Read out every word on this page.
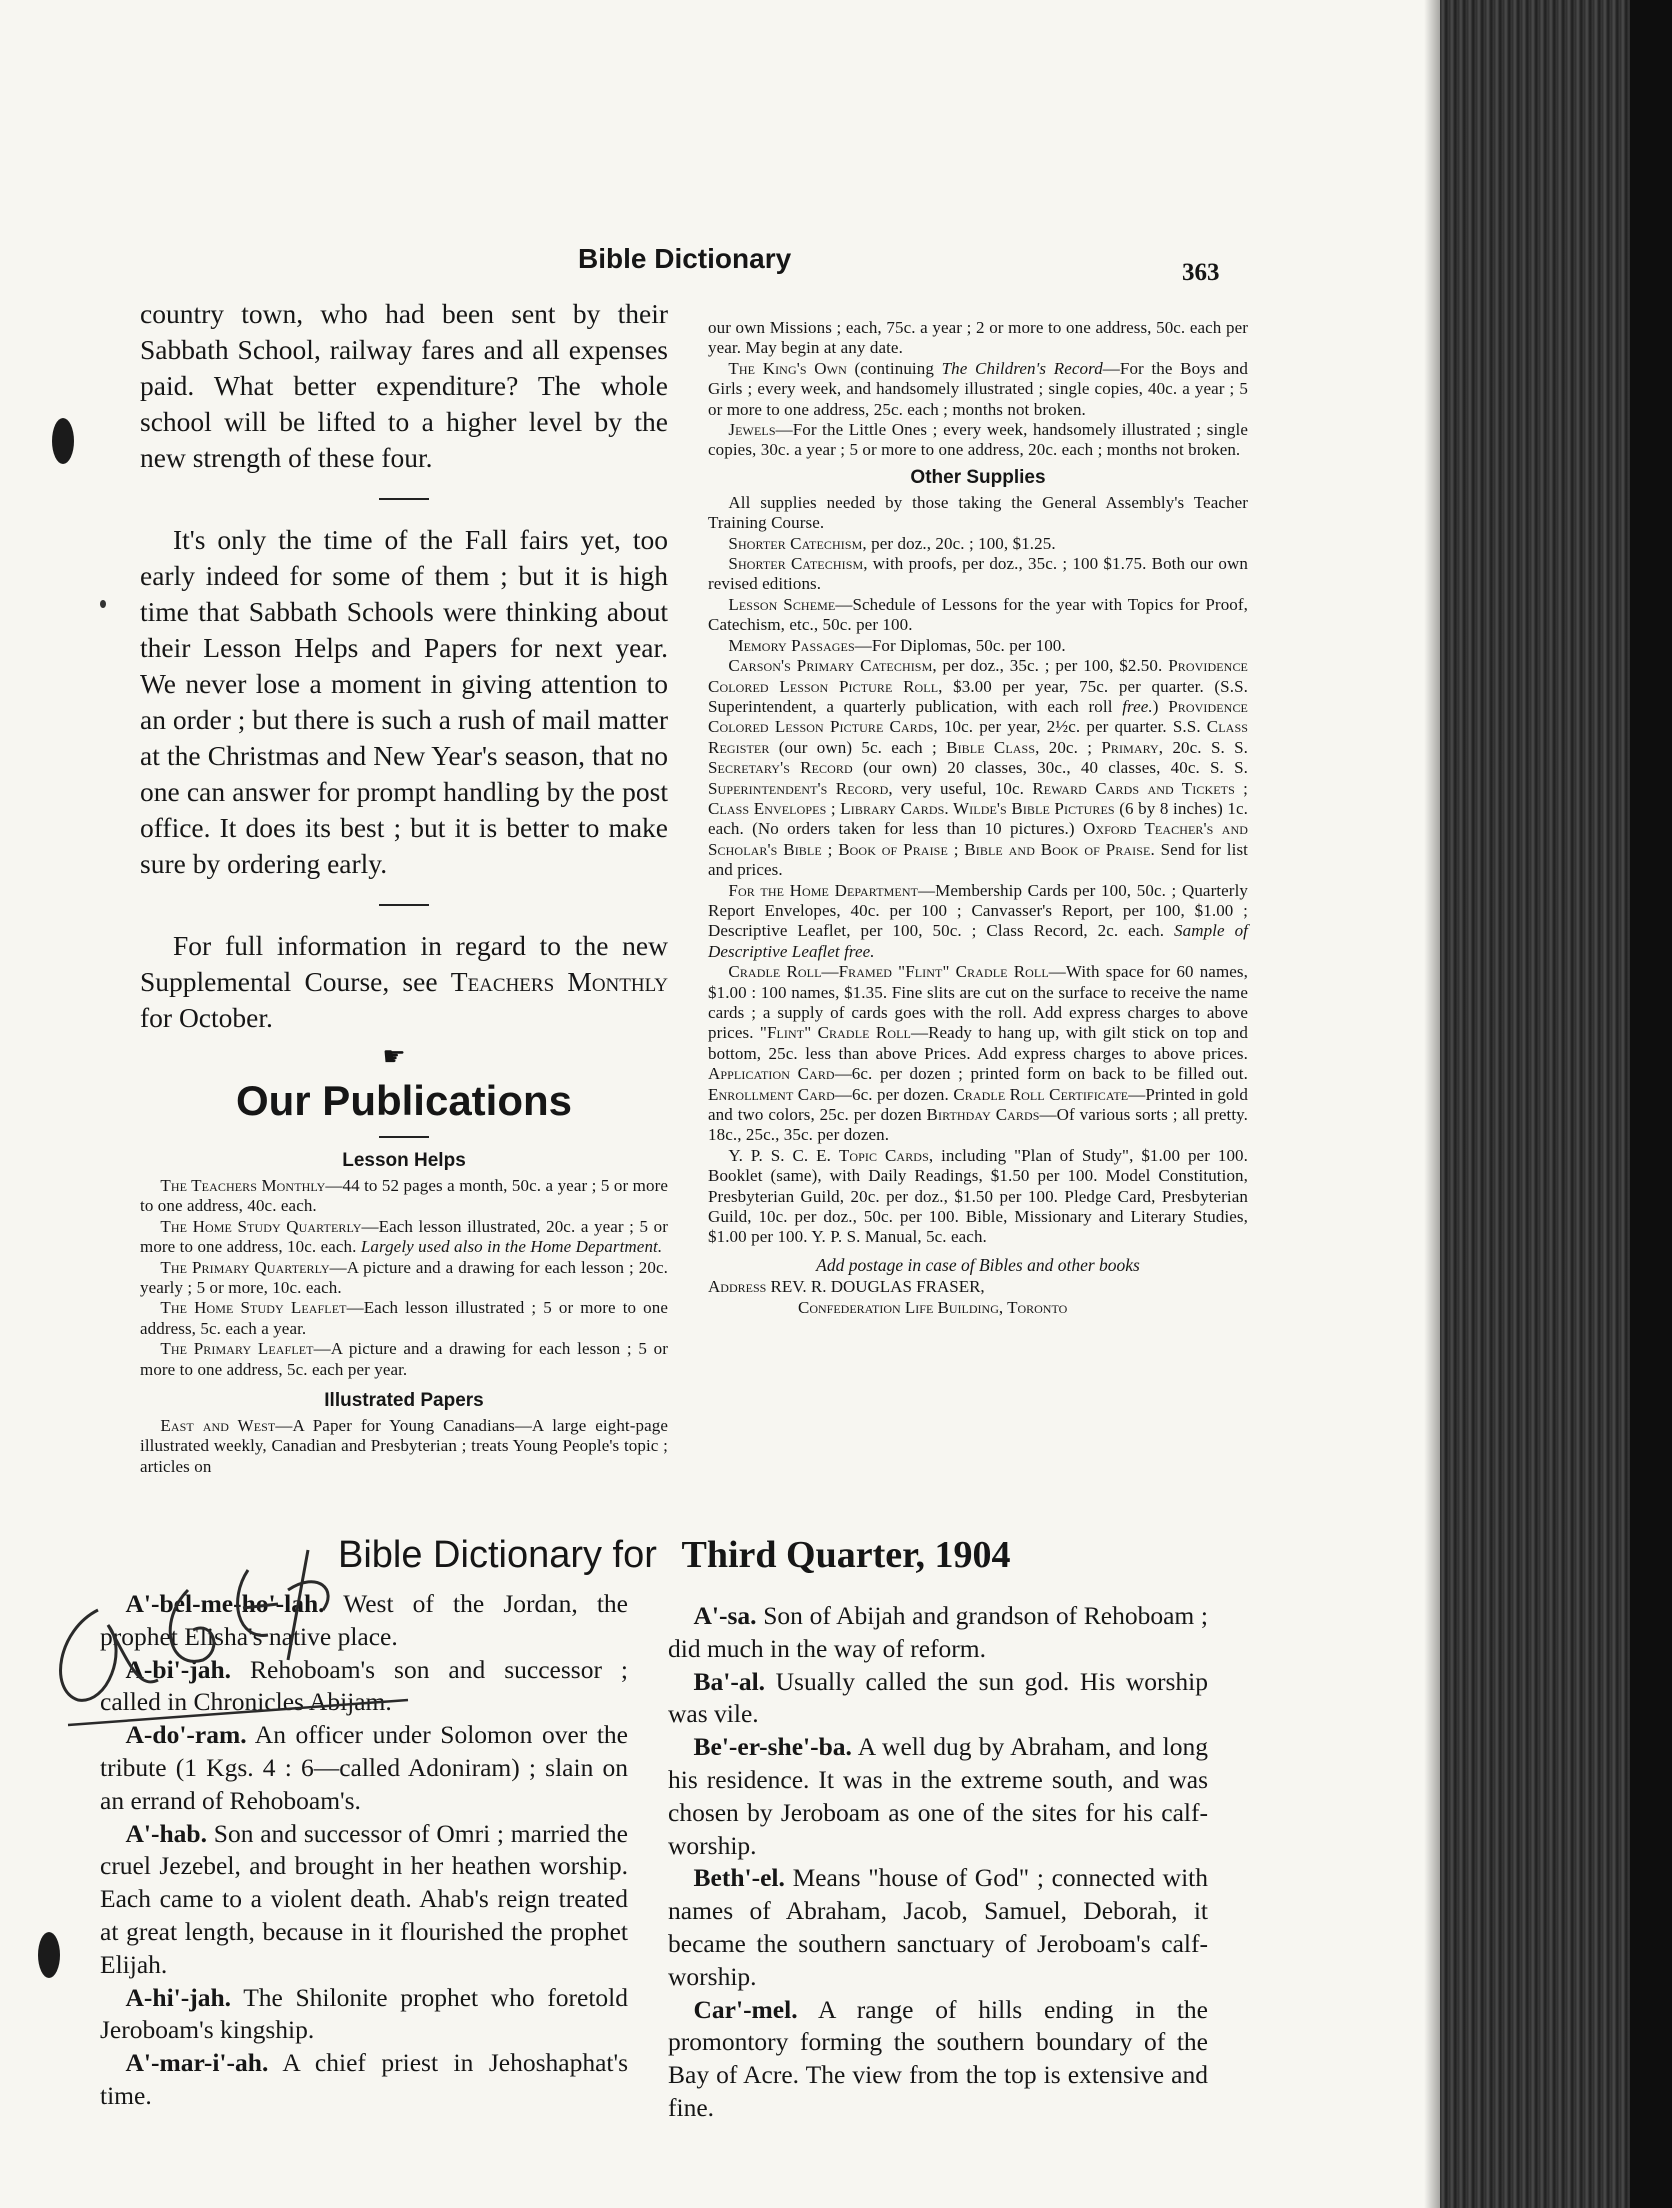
Bible Dictionary	363

country town, who had been sent by their Sabbath School, railway fares and all expenses paid. What better expenditure? The whole school will be lifted to a higher level by the new strength of these four.

It's only the time of the Fall fairs yet, too early indeed for some of them ; but it is high time that Sabbath Schools were thinking about their Lesson Helps and Papers for next year. We never lose a moment in giving attention to an order ; but there is such a rush of mail matter at the Christmas and New Year's season, that no one can answer for prompt handling by the post office. It does its best ; but it is better to make sure by ordering early.

For full information in regard to the new Supplemental Course, see Teachers Monthly for October.

☛
Our Publications
Lesson Helps

The Teachers Monthly—44 to 52 pages a month, 50c. a year ; 5 or more to one address, 40c. each.

The Home Study Quarterly—Each lesson illustrated, 20c. a year ; 5 or more to one address, 10c. each. Largely used also in the Home Department.

The Primary Quarterly—A picture and a drawing for each lesson ; 20c. yearly ; 5 or more, 10c. each.

The Home Study Leaflet—Each lesson illustrated ; 5 or more to one address, 5c. each a year.

The Primary Leaflet—A picture and a drawing for each lesson ; 5 or more to one address, 5c. each per year.

Illustrated Papers

East and West—A Paper for Young Canadians—A large eight-page illustrated weekly, Canadian and Presbyterian ; treats Young People's topic ; articles on

our own Missions ; each, 75c. a year ; 2 or more to one address, 50c. each per year. May begin at any date.

The King's Own (continuing The Children's Record—For the Boys and Girls ; every week, and handsomely illustrated ; single copies, 40c. a year ; 5 or more to one address, 25c. each ; months not broken.

Jewels—For the Little Ones ; every week, handsomely illustrated ; single copies, 30c. a year ; 5 or more to one address, 20c. each ; months not broken.

Other Supplies

All supplies needed by those taking the General Assembly's Teacher Training Course.

Shorter Catechism, per doz., 20c. ; 100, $1.25.

Shorter Catechism, with proofs, per doz., 35c. ; 100 $1.75. Both our own revised editions.

Lesson Scheme—Schedule of Lessons for the year with Topics for Proof, Catechism, etc., 50c. per 100.

Memory Passages—For Diplomas, 50c. per 100.

Carson's Primary Catechism, per doz., 35c. ; per 100, $2.50. Providence Colored Lesson Picture Roll, $3.00 per year, 75c. per quarter. (S.S. Superintendent, a quarterly publication, with each roll free.) Providence Colored Lesson Picture Cards, 10c. per year, 2½c. per quarter. S.S. Class Register (our own) 5c. each ; Bible Class, 20c. ; Primary, 20c. S. S. Secretary's Record (our own) 20 classes, 30c., 40 classes, 40c. S. S. Superintendent's Record, very useful, 10c. Reward Cards and Tickets ; Class Envelopes ; Library Cards. Wilde's Bible Pictures (6 by 8 inches) 1c. each. (No orders taken for less than 10 pictures.) Oxford Teacher's and Scholar's Bible ; Book of Praise ; Bible and Book of Praise. Send for list and prices.

For the Home Department—Membership Cards per 100, 50c. ; Quarterly Report Envelopes, 40c. per 100 ; Canvasser's Report, per 100, $1.00 ; Descriptive Leaflet, per 100, 50c. ; Class Record, 2c. each. Sample of Descriptive Leaflet free.

Cradle Roll—Framed "Flint" Cradle Roll—With space for 60 names, $1.00 : 100 names, $1.35. Fine slits are cut on the surface to receive the name cards ; a supply of cards goes with the roll. Add express charges to above prices. "Flint" Cradle Roll—Ready to hang up, with gilt stick on top and bottom, 25c. less than above Prices. Add express charges to above prices. Application Card—6c. per dozen ; printed form on back to be filled out. Enrollment Card—6c. per dozen. Cradle Roll Certificate—Printed in gold and two colors, 25c. per dozen Birthday Cards—Of various sorts ; all pretty. 18c., 25c., 35c. per dozen.

Y. P. S. C. E. Topic Cards, including "Plan of Study", $1.00 per 100. Booklet (same), with Daily Readings, $1.50 per 100. Model Constitution, Presbyterian Guild, 20c. per doz., $1.50 per 100. Pledge Card, Presbyterian Guild, 10c. per doz., 50c. per 100. Bible, Missionary and Literary Studies, $1.00 per 100. Y. P. S. Manual, 5c. each.

Add postage in case of Bibles and other books

Address REV. R. DOUGLAS FRASER,

Confederation Life Building, Toronto

Bible Dictionary for Third Quarter, 1904

A'-bel-me-ho'-lah. West of the Jordan, the prophet Elisha's native place.

A-bi'-jah. Rehoboam's son and successor ; called in Chronicles Abijam.

A-do'-ram. An officer under Solomon over the tribute (1 Kgs. 4 : 6—called Adoniram) ; slain on an errand of Rehoboam's.

A'-hab. Son and successor of Omri ; married the cruel Jezebel, and brought in her heathen worship. Each came to a violent death. Ahab's reign treated at great length, because in it flourished the prophet Elijah.

A-hi'-jah. The Shilonite prophet who foretold Jeroboam's kingship.

A'-mar-i'-ah. A chief priest in Jehoshaphat's time.

A'-sa. Son of Abijah and grandson of Rehoboam ; did much in the way of reform.

Ba'-al. Usually called the sun god. His worship was vile.

Be'-er-she'-ba. A well dug by Abraham, and long his residence. It was in the extreme south, and was chosen by Jeroboam as one of the sites for his calf-worship.

Beth'-el. Means "house of God" ; connected with names of Abraham, Jacob, Samuel, Deborah, it became the southern sanctuary of Jeroboam's calf-worship.

Car'-mel. A range of hills ending in the promontory forming the southern boundary of the Bay of Acre. The view from the top is extensive and fine.
